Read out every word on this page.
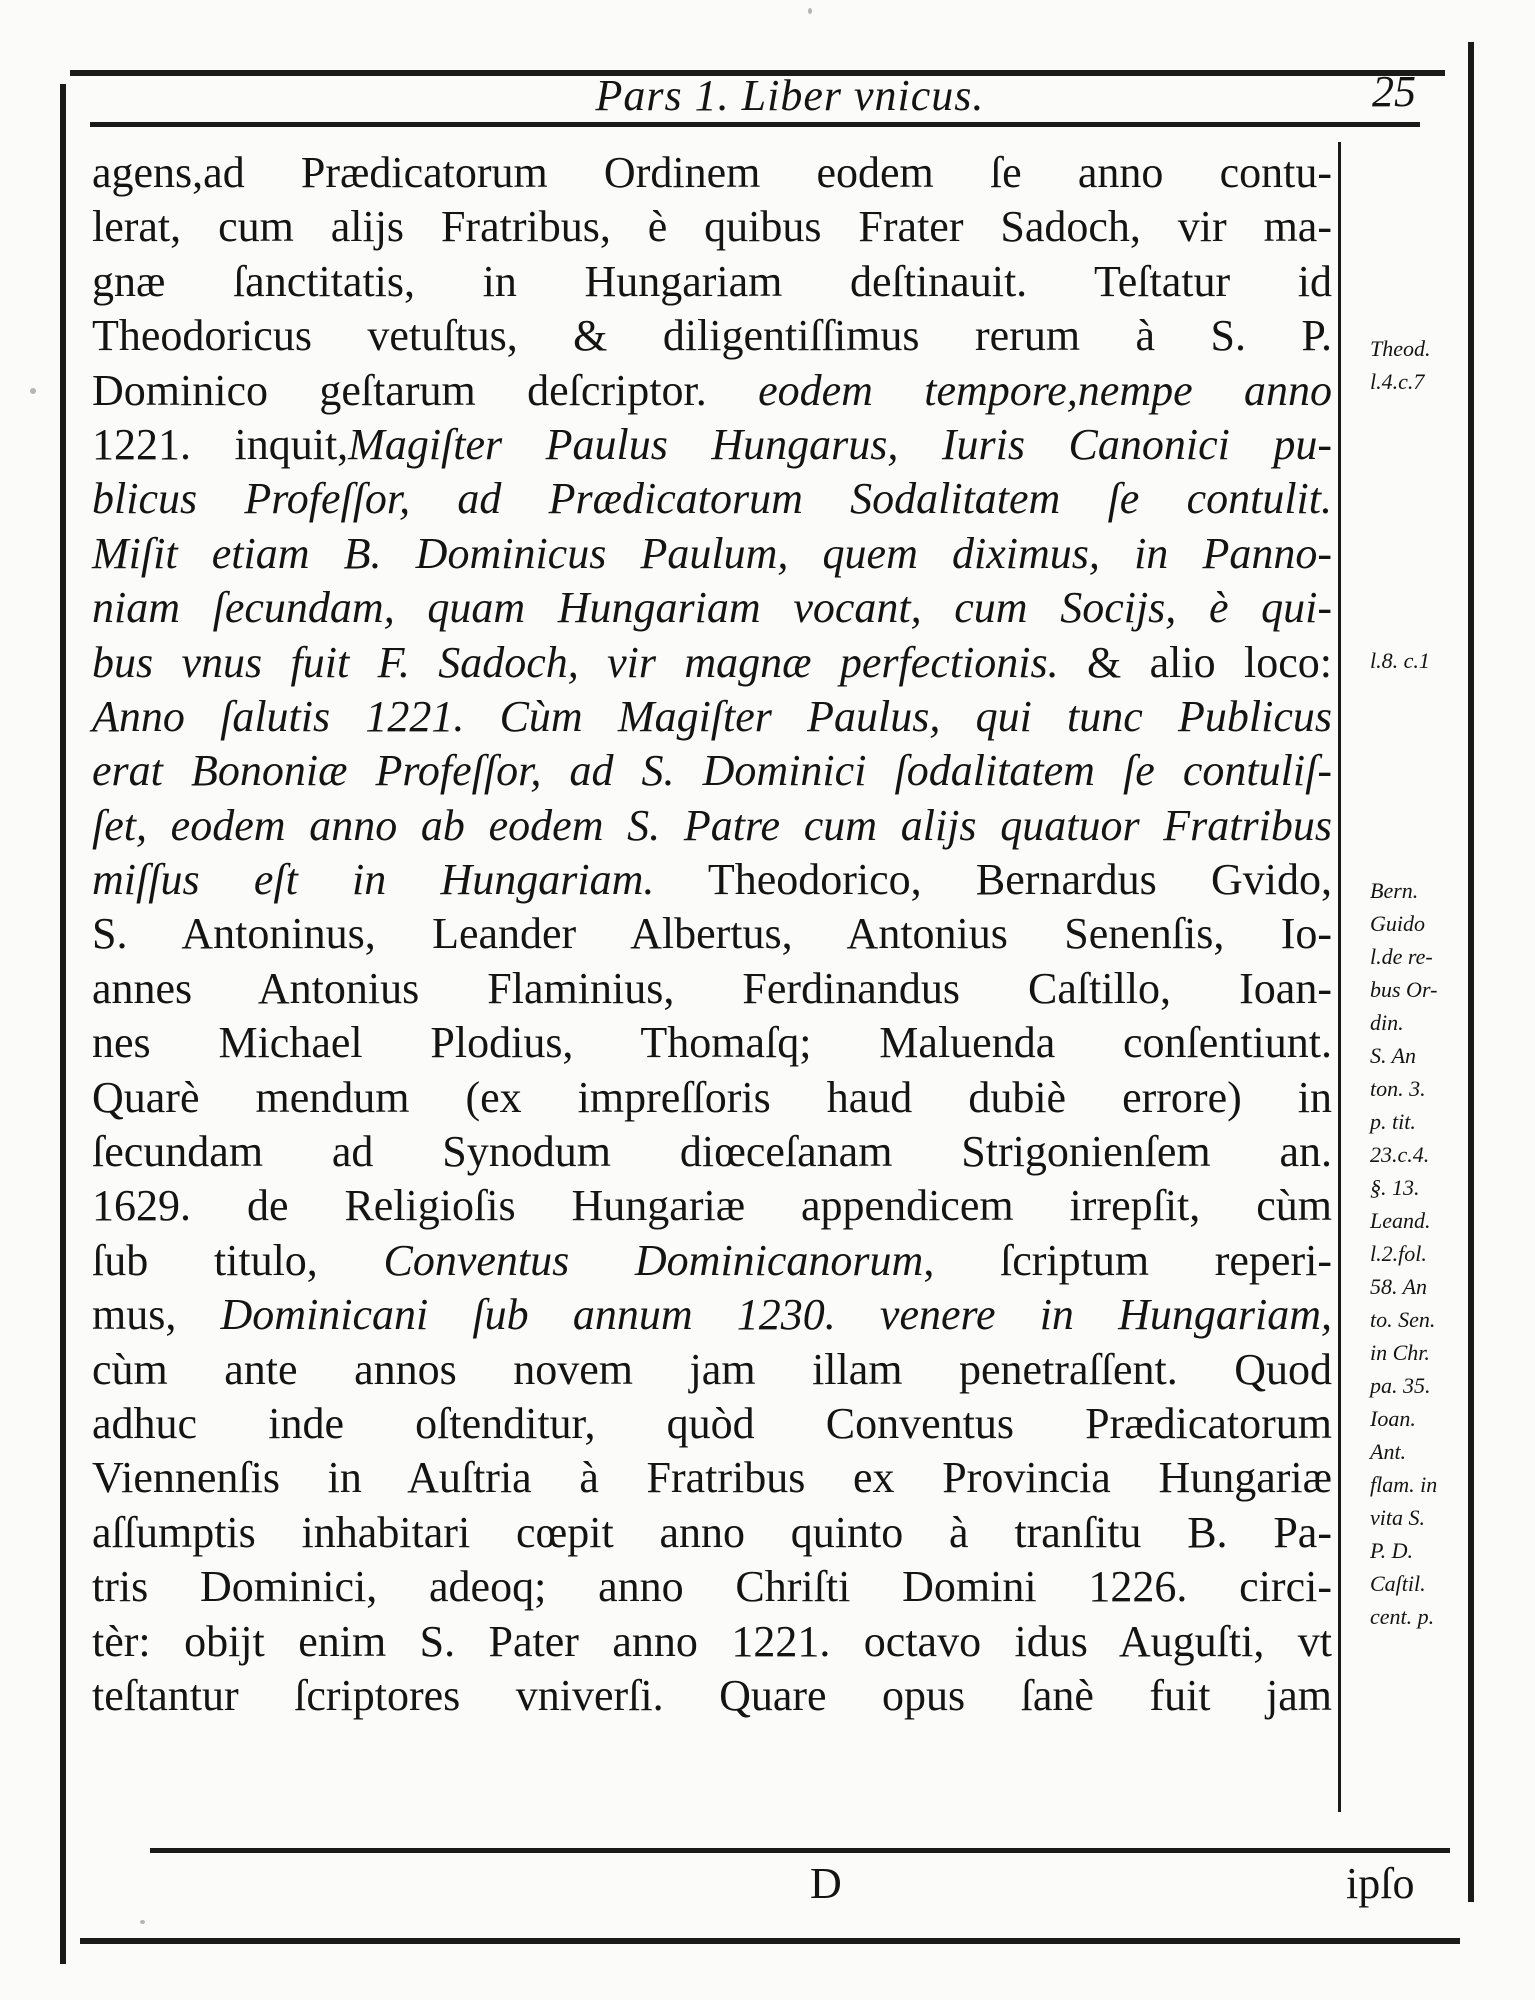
Pars 1. Liber vnicus.	25
agens,ad Prædicatorum Ordinem eodem ſe anno contu-
lerat, cum alijs Fratribus, è quibus Frater Sadoch, vir ma-
gnæ ſanctitatis, in Hungariam deſtinauit. Teſtatur id
Theodoricus vetuſtus, & diligentiſſimus rerum à S. P.
Dominico geſtarum deſcriptor. eodem tempore,nempe anno
1221. inquit,Magiſter Paulus Hungarus, Iuris Canonici pu-
blicus Profeſſor, ad Prædicatorum Sodalitatem ſe contulit.
Miſit etiam B. Dominicus Paulum, quem diximus, in Panno-
niam ſecundam, quam Hungariam vocant, cum Socijs, è qui-
bus vnus fuit F. Sadoch, vir magnæ perfectionis. & alio loco:
Anno ſalutis 1221. Cùm Magiſter Paulus, qui tunc Publicus
erat Bononiæ Profeſſor, ad S. Dominici ſodalitatem ſe contuliſ-
ſet, eodem anno ab eodem S. Patre cum alijs quatuor Fratribus
miſſus eſt in Hungariam. Theodorico, Bernardus Gvido,
S. Antoninus, Leander Albertus, Antonius Senenſis, Io-
annes Antonius Flaminius, Ferdinandus Caſtillo, Ioan-
nes Michael Plodius, Thomaſq; Maluenda conſentiunt.
Quarè mendum (ex impreſſoris haud dubiè errore) in
ſecundam ad Synodum diœceſanam Strigonienſem an.
1629. de Religioſis Hungariæ appendicem irrepſit, cùm
ſub titulo, Conventus Dominicanorum, ſcriptum reperi-
mus, Dominicani ſub annum 1230. venere in Hungariam,
cùm ante annos novem jam illam penetraſſent. Quod
adhuc inde oſtenditur, quòd Conventus Prædicatorum
Viennenſis in Auſtria à Fratribus ex Provincia Hungariæ
aſſumptis inhabitari cœpit anno quinto à tranſitu B. Pa-
tris Dominici, adeoq; anno Chriſti Domini 1226. circi-
tèr: obijt enim S. Pater anno 1221. octavo idus Auguſti, vt
teſtantur ſcriptores vniverſi. Quare opus ſanè fuit jam
Theod.
l.4.c.7
l.8. c.1
Bern.
Guido
l.de re-
bus Or-
din.
S. An
ton. 3.
p. tit.
23.c.4.
§. 13.
Leand.
l.2.fol.
58. An
to. Sen.
in Chr.
pa. 35.
Ioan.
Ant.
flam. in
vita S.
P. D.
Caſtil.
cent. p.
D	ipſo
